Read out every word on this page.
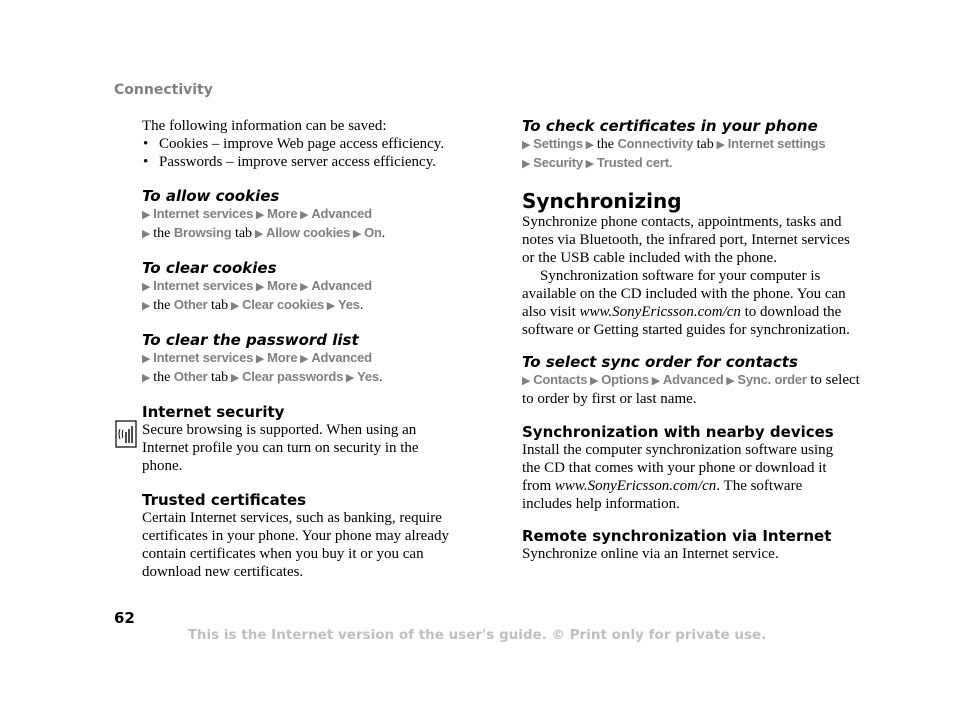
Connectivity

The following information can be saved:

• Cookies – improve Web page access efficiency.
• Passwords – improve server access efficiency.

To allow cookies

▶ Internet services ▶ More ▶ Advanced

▶ the Browsing tab ▶ Allow cookies ▶ On.

To clear cookies

▶ Internet services ▶ More ▶ Advanced

▶ the Other tab ▶ Clear cookies ▶ Yes.

To clear the password list

▶ Internet services ▶ More ▶ Advanced

▶ the Other tab ▶ Clear passwords ▶ Yes.

Internet security

Secure browsing is supported. When using an Internet profile you can turn on security in the phone.

Trusted certificates

Certain Internet services, such as banking, require certificates in your phone. Your phone may already contain certificates when you buy it or you can download new certificates.

To check certificates in your phone

▶ Settings ▶ the Connectivity tab ▶ Internet settings

▶ Security ▶ Trusted cert.

Synchronizing

Synchronize phone contacts, appointments, tasks and notes via Bluetooth, the infrared port, Internet services or the USB cable included with the phone.

Synchronization software for your computer is available on the CD included with the phone. You can also visit www.SonyEricsson.com/cn to download the software or Getting started guides for synchronization.

To select sync order for contacts

▶ Contacts ▶ Options ▶ Advanced ▶ Sync. order to select to order by first or last name.

Synchronization with nearby devices

Install the computer synchronization software using the CD that comes with your phone or download it from www.SonyEricsson.com/cn. The software includes help information.

Remote synchronization via Internet

Synchronize online via an Internet service.

62
This is the Internet version of the user's guide. © Print only for private use.
